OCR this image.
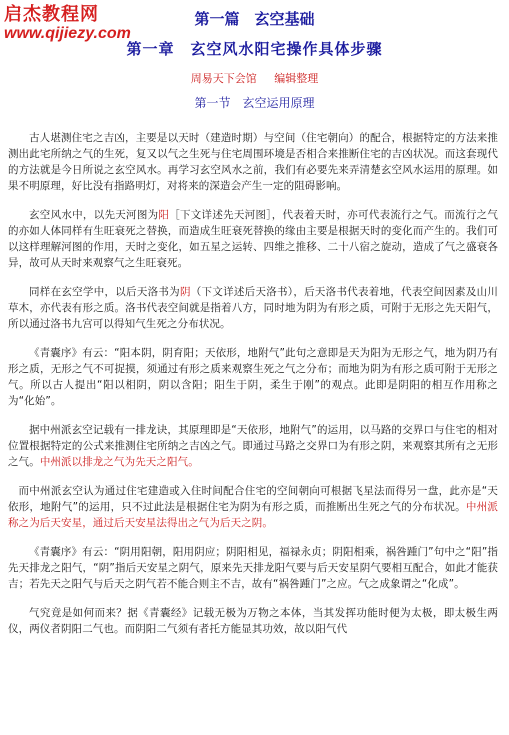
启杰教程网
www.qijiezy.com
第一篇　玄空基础
第一章　玄空风水阳宅操作具体步骤
周易天下会馆 编辑整理
第一节　玄空运用原理

古人堪测住宅之吉凶，主要是以天时（建造时期）与空间（住宅朝向）的配合，根据特定的方法来推测出此宅所纳之气的生死，复又以气之生死与住宅周围环境是否相合来推断住宅的吉凶状况。而这套现代的方法就是今日所说之玄空风水。再学习玄空风水之前，我们有必要先来弄清楚玄空风水运用的原理。如果不明原理，好比没有指路明灯，对将来的深造会产生一定的阻碍影响。

玄空风水中，以先天河图为阳［下文详述先天河图］，代表着天时，亦可代表流行之气。而流行之气的亦如人体同样有生旺衰死之替换，而造成生旺衰死替换的缘由主要是根据天时的变化而产生的。我们可以这样理解河图的作用，天时之变化，如五星之运转、四维之推移、二十八宿之旋动，造成了气之盛衰各异，故可从天时来观察气之生旺衰死。

同样在玄空学中，以后天洛书为阴（下文详述后天洛书），后天洛书代表着地，代表空间因素及山川草木，亦代表有形之质。洛书代表空间就是指着八方，同时地为阴为有形之质，可附于无形之先天阳气，所以通过洛书九宫可以得知气生死之分布状况。

《青囊序》有云：“阳本阴，阴育阳；天依形，地附气”此句之意即是天为阳为无形之气，地为阴乃有形之质，无形之气不可捉摸，须通过有形之质来观察生死之气之分布；而地为阴为有形之质可附于无形之气。所以古人提出“阳以相阴，阴以含阳；阳生于阴，柔生于刚”的观点。此即是阴阳的相互作用称之为“化始”。

据中州派玄空记载有一排龙诀，其原理即是“天依形，地附气”的运用，以马路的交界口与住宅的相对位置根据特定的公式来推测住宅所纳之吉凶之气。即通过马路之交界口为有形之阴，来观察其所有之无形之气。中州派以排龙之气为先天之阳气。

而中州派玄空认为通过住宅建造或入住时间配合住宅的空间朝向可根据飞星法而得另一盘，此亦是“天依形，地附气”的运用，只不过此法是根据住宅为阴为有形之质，而推断出生死之气的分布状况。中州派称之为后天安星，通过后天安星法得出之气为后天之阴。

《青囊序》有云：“阴用阳朝，阳用阴应；阴阳相见，福禄永贞；阴阳相乘，祸咎踵门”句中之“阳”指先天排龙之阳气，“阴”指后天安星之阴气，原来先天排龙阳气要与后天安星阴气要相互配合，如此才能获吉；若先天之阳气与后天之阴气若不能合则主不吉，故有“祸咎踵门”之应。气之成象谓之“化成”。

气究竟是如何而来？据《青囊经》记载无极为万物之本体，当其发挥功能时便为太极，即太极生两仪，两仪者阴阳二气也。而阴阳二气须有者托方能显其功效，故以阳气代
